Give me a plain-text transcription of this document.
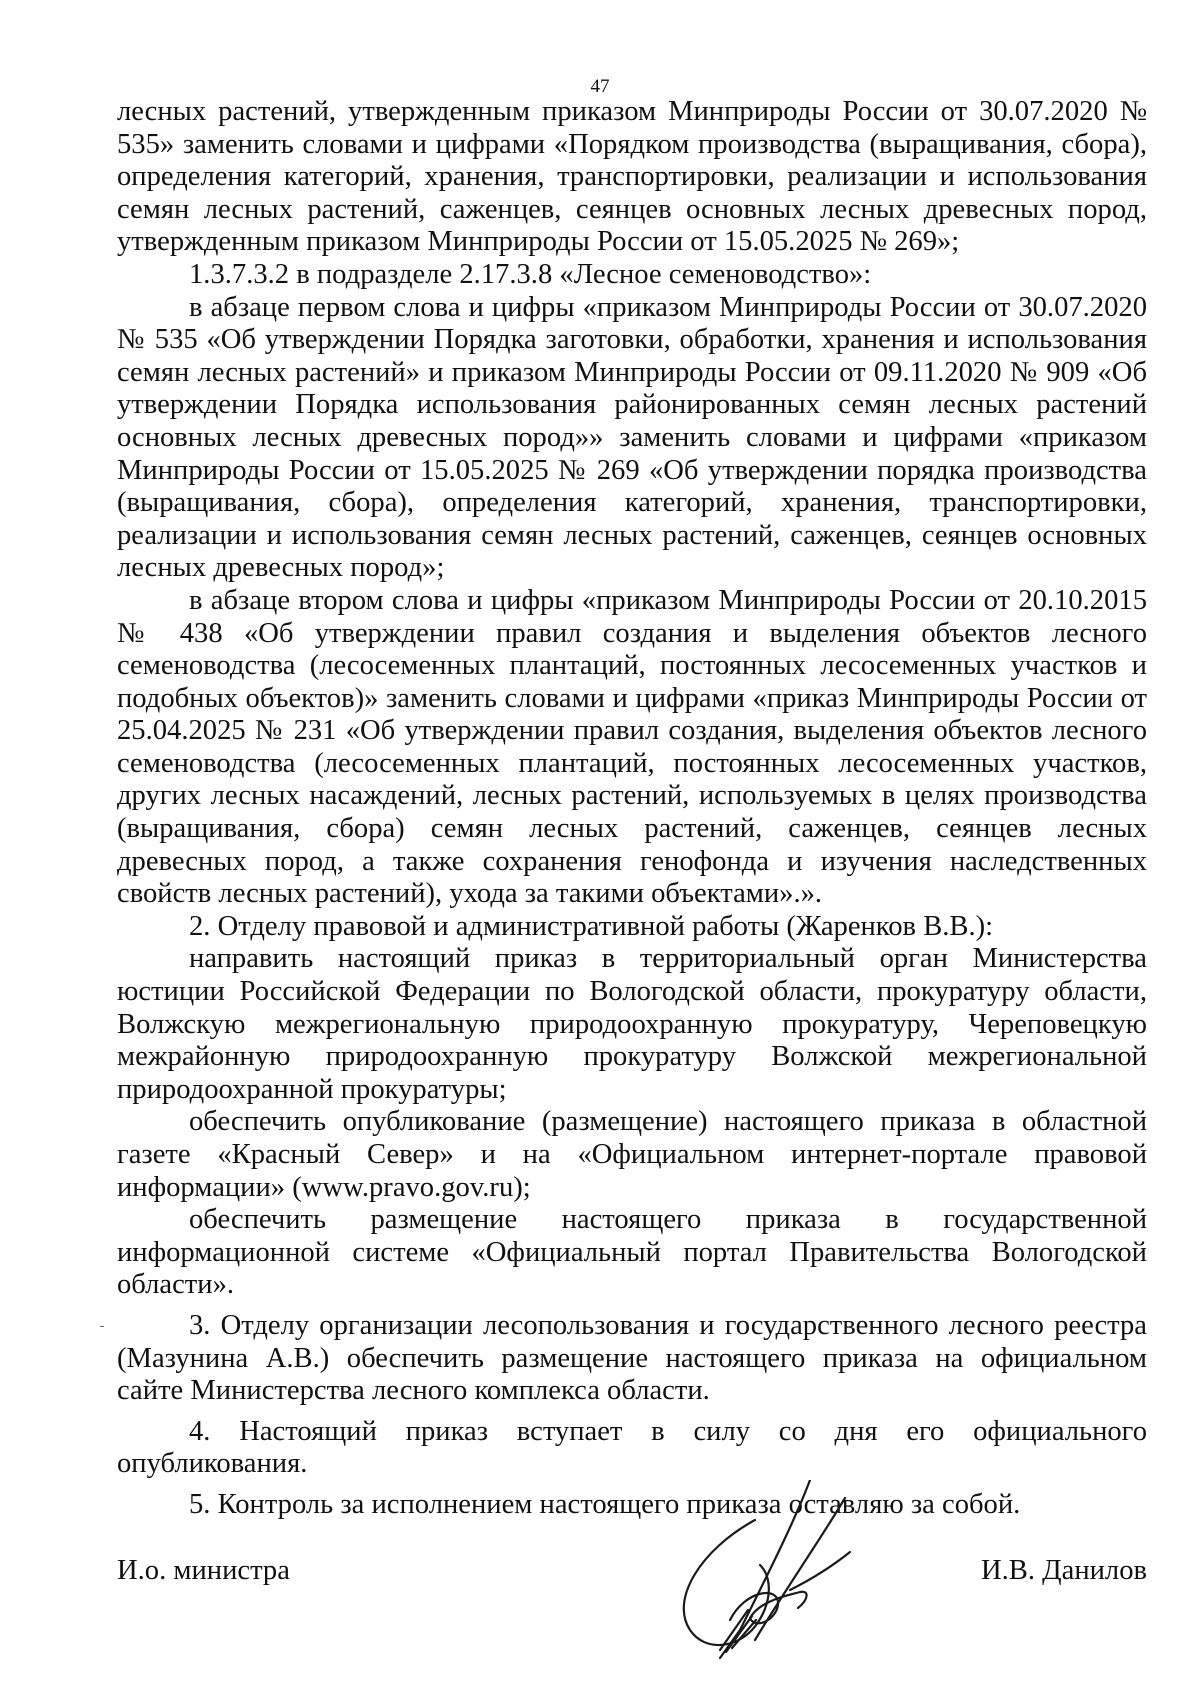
47

лесных растений, утвержденным приказом Минприроды России от 30.07.2020 № 535» заменить словами и цифрами «Порядком производства (выращивания, сбора), определения категорий, хранения, транспортировки, реализации и использования семян лесных растений, саженцев, сеянцев основных лесных древесных пород, утвержденным приказом Минприроды России от 15.05.2025 № 269»;

1.3.7.3.2 в подразделе 2.17.3.8 «Лесное семеноводство»:

в абзаце первом слова и цифры «приказом Минприроды России от 30.07.2020 № 535 «Об утверждении Порядка заготовки, обработки, хранения и использования семян лесных растений» и приказом Минприроды России от 09.11.2020 № 909 «Об утверждении Порядка использования районированных семян лесных растений основных лесных древесных пород»» заменить словами и цифрами «приказом Минприроды России от 15.05.2025 № 269 «Об утверждении порядка производства (выращивания, сбора), определения категорий, хранения, транспортировки, реализации и использования семян лесных растений, саженцев, сеянцев основных лесных древесных пород»;

в абзаце втором слова и цифры «приказом Минприроды России от 20.10.2015 № 438 «Об утверждении правил создания и выделения объектов лесного семеноводства (лесосеменных плантаций, постоянных лесосеменных участков и подобных объектов)» заменить словами и цифрами «приказ Минприроды России от 25.04.2025 № 231 «Об утверждении правил создания, выделения объектов лесного семеноводства (лесосеменных плантаций, постоянных лесосеменных участков, других лесных насаждений, лесных растений, используемых в целях производства (выращивания, сбора) семян лесных растений, саженцев, сеянцев лесных древесных пород, а также сохранения генофонда и изучения наследственных свойств лесных растений), ухода за такими объектами».».

2. Отделу правовой и административной работы (Жаренков В.В.):

направить настоящий приказ в территориальный орган Министерства юстиции Российской Федерации по Вологодской области, прокуратуру области, Волжскую межрегиональную природоохранную прокуратуру, Череповецкую межрайонную природоохранную прокуратуру Волжской межрегиональной природоохранной прокуратуры;

обеспечить опубликование (размещение) настоящего приказа в областной газете «Красный Север» и на «Официальном интернет-портале правовой информации» (www.pravo.gov.ru);

обеспечить размещение настоящего приказа в государственной информационной системе «Официальный портал Правительства Вологодской области».

3. Отделу организации лесопользования и государственного лесного реестра (Мазунина А.В.) обеспечить размещение настоящего приказа на официальном сайте Министерства лесного комплекса области.

4. Настоящий приказ вступает в силу со дня его официального опубликования.

5. Контроль за исполнением настоящего приказа оставляю за собой.

И.о. министра	И.В. Данилов
